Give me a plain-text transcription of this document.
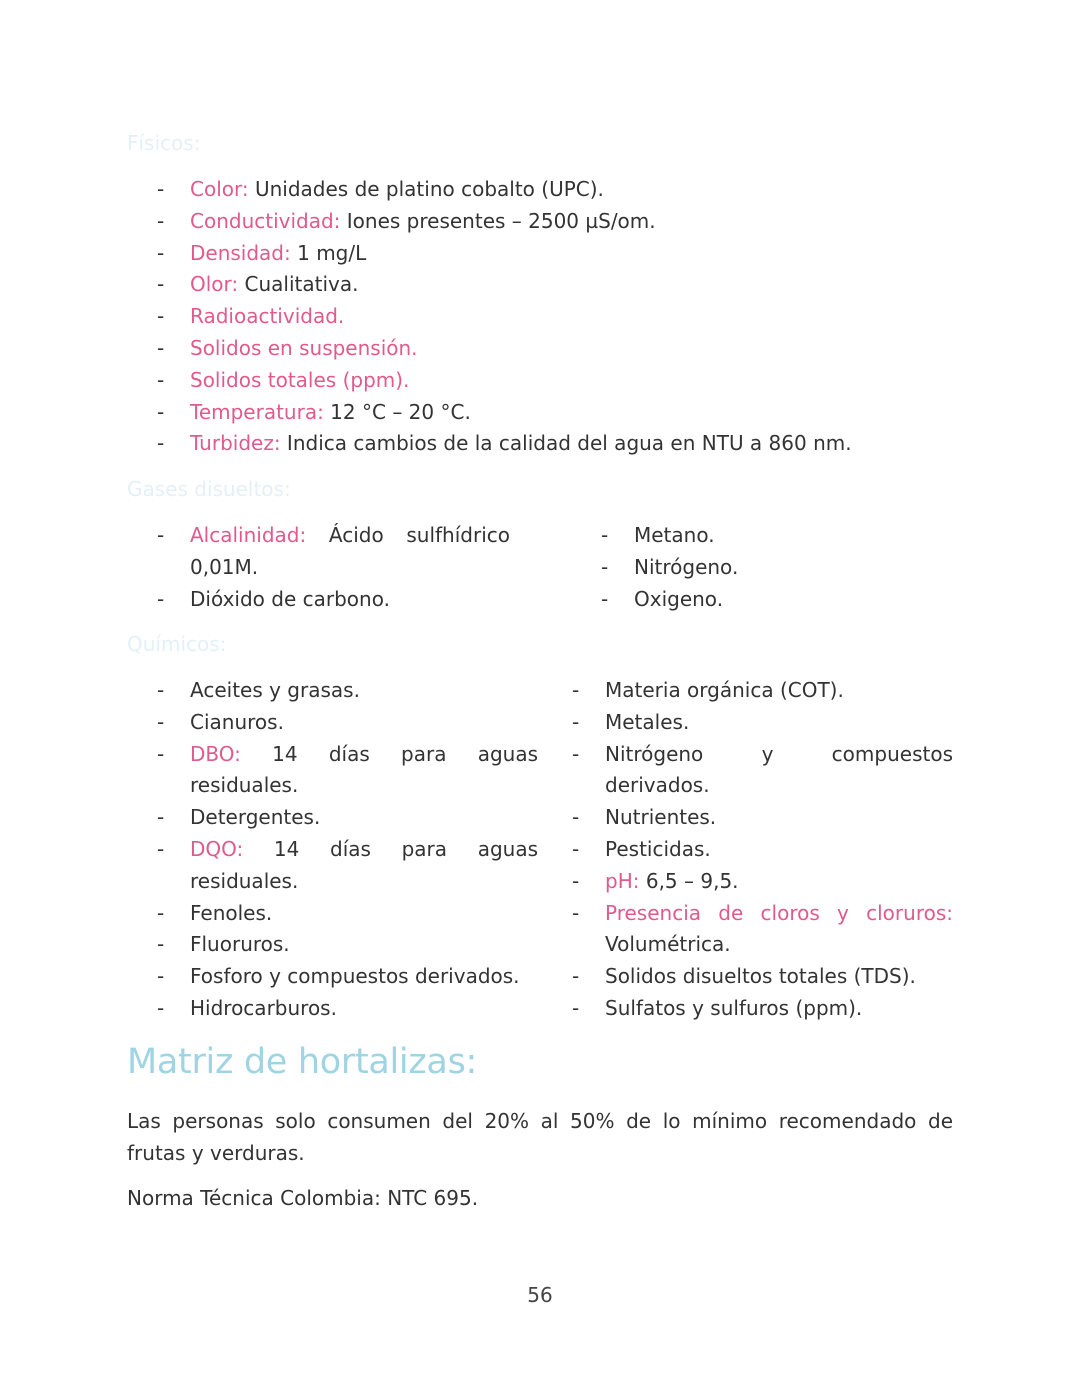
Físicos:
- Color: Unidades de platino cobalto (UPC).
- Conductividad: Iones presentes – 2500 µS/om.
- Densidad: 1 mg/L
- Olor: Cualitativa.
- Radioactividad.
- Solidos en suspensión.
- Solidos totales (ppm).
- Temperatura: 12 °C – 20 °C.
- Turbidez: Indica cambios de la calidad del agua en NTU a 860 nm.
Gases disueltos:
- Alcalinidad: Ácido sulfhídrico 0,01M.
- Dióxido de carbono.
- Metano.
- Nitrógeno.
- Oxigeno.
Químicos:
- Aceites y grasas.
- Cianuros.
- DBO: 14 días para aguas residuales.
- Detergentes.
- DQO: 14 días para aguas residuales.
- Fenoles.
- Fluoruros.
- Fosforo y compuestos derivados.
- Hidrocarburos.
- Materia orgánica (COT).
- Metales.
- Nitrógeno y compuestos derivados.
- Nutrientes.
- Pesticidas.
- pH: 6,5 – 9,5.
- Presencia de cloros y cloruros: Volumétrica.
- Solidos disueltos totales (TDS).
- Sulfatos y sulfuros (ppm).
Matriz de hortalizas:

Las personas solo consumen del 20% al 50% de lo mínimo recomendado de frutas y verduras.

Norma Técnica Colombia: NTC 695.

56
